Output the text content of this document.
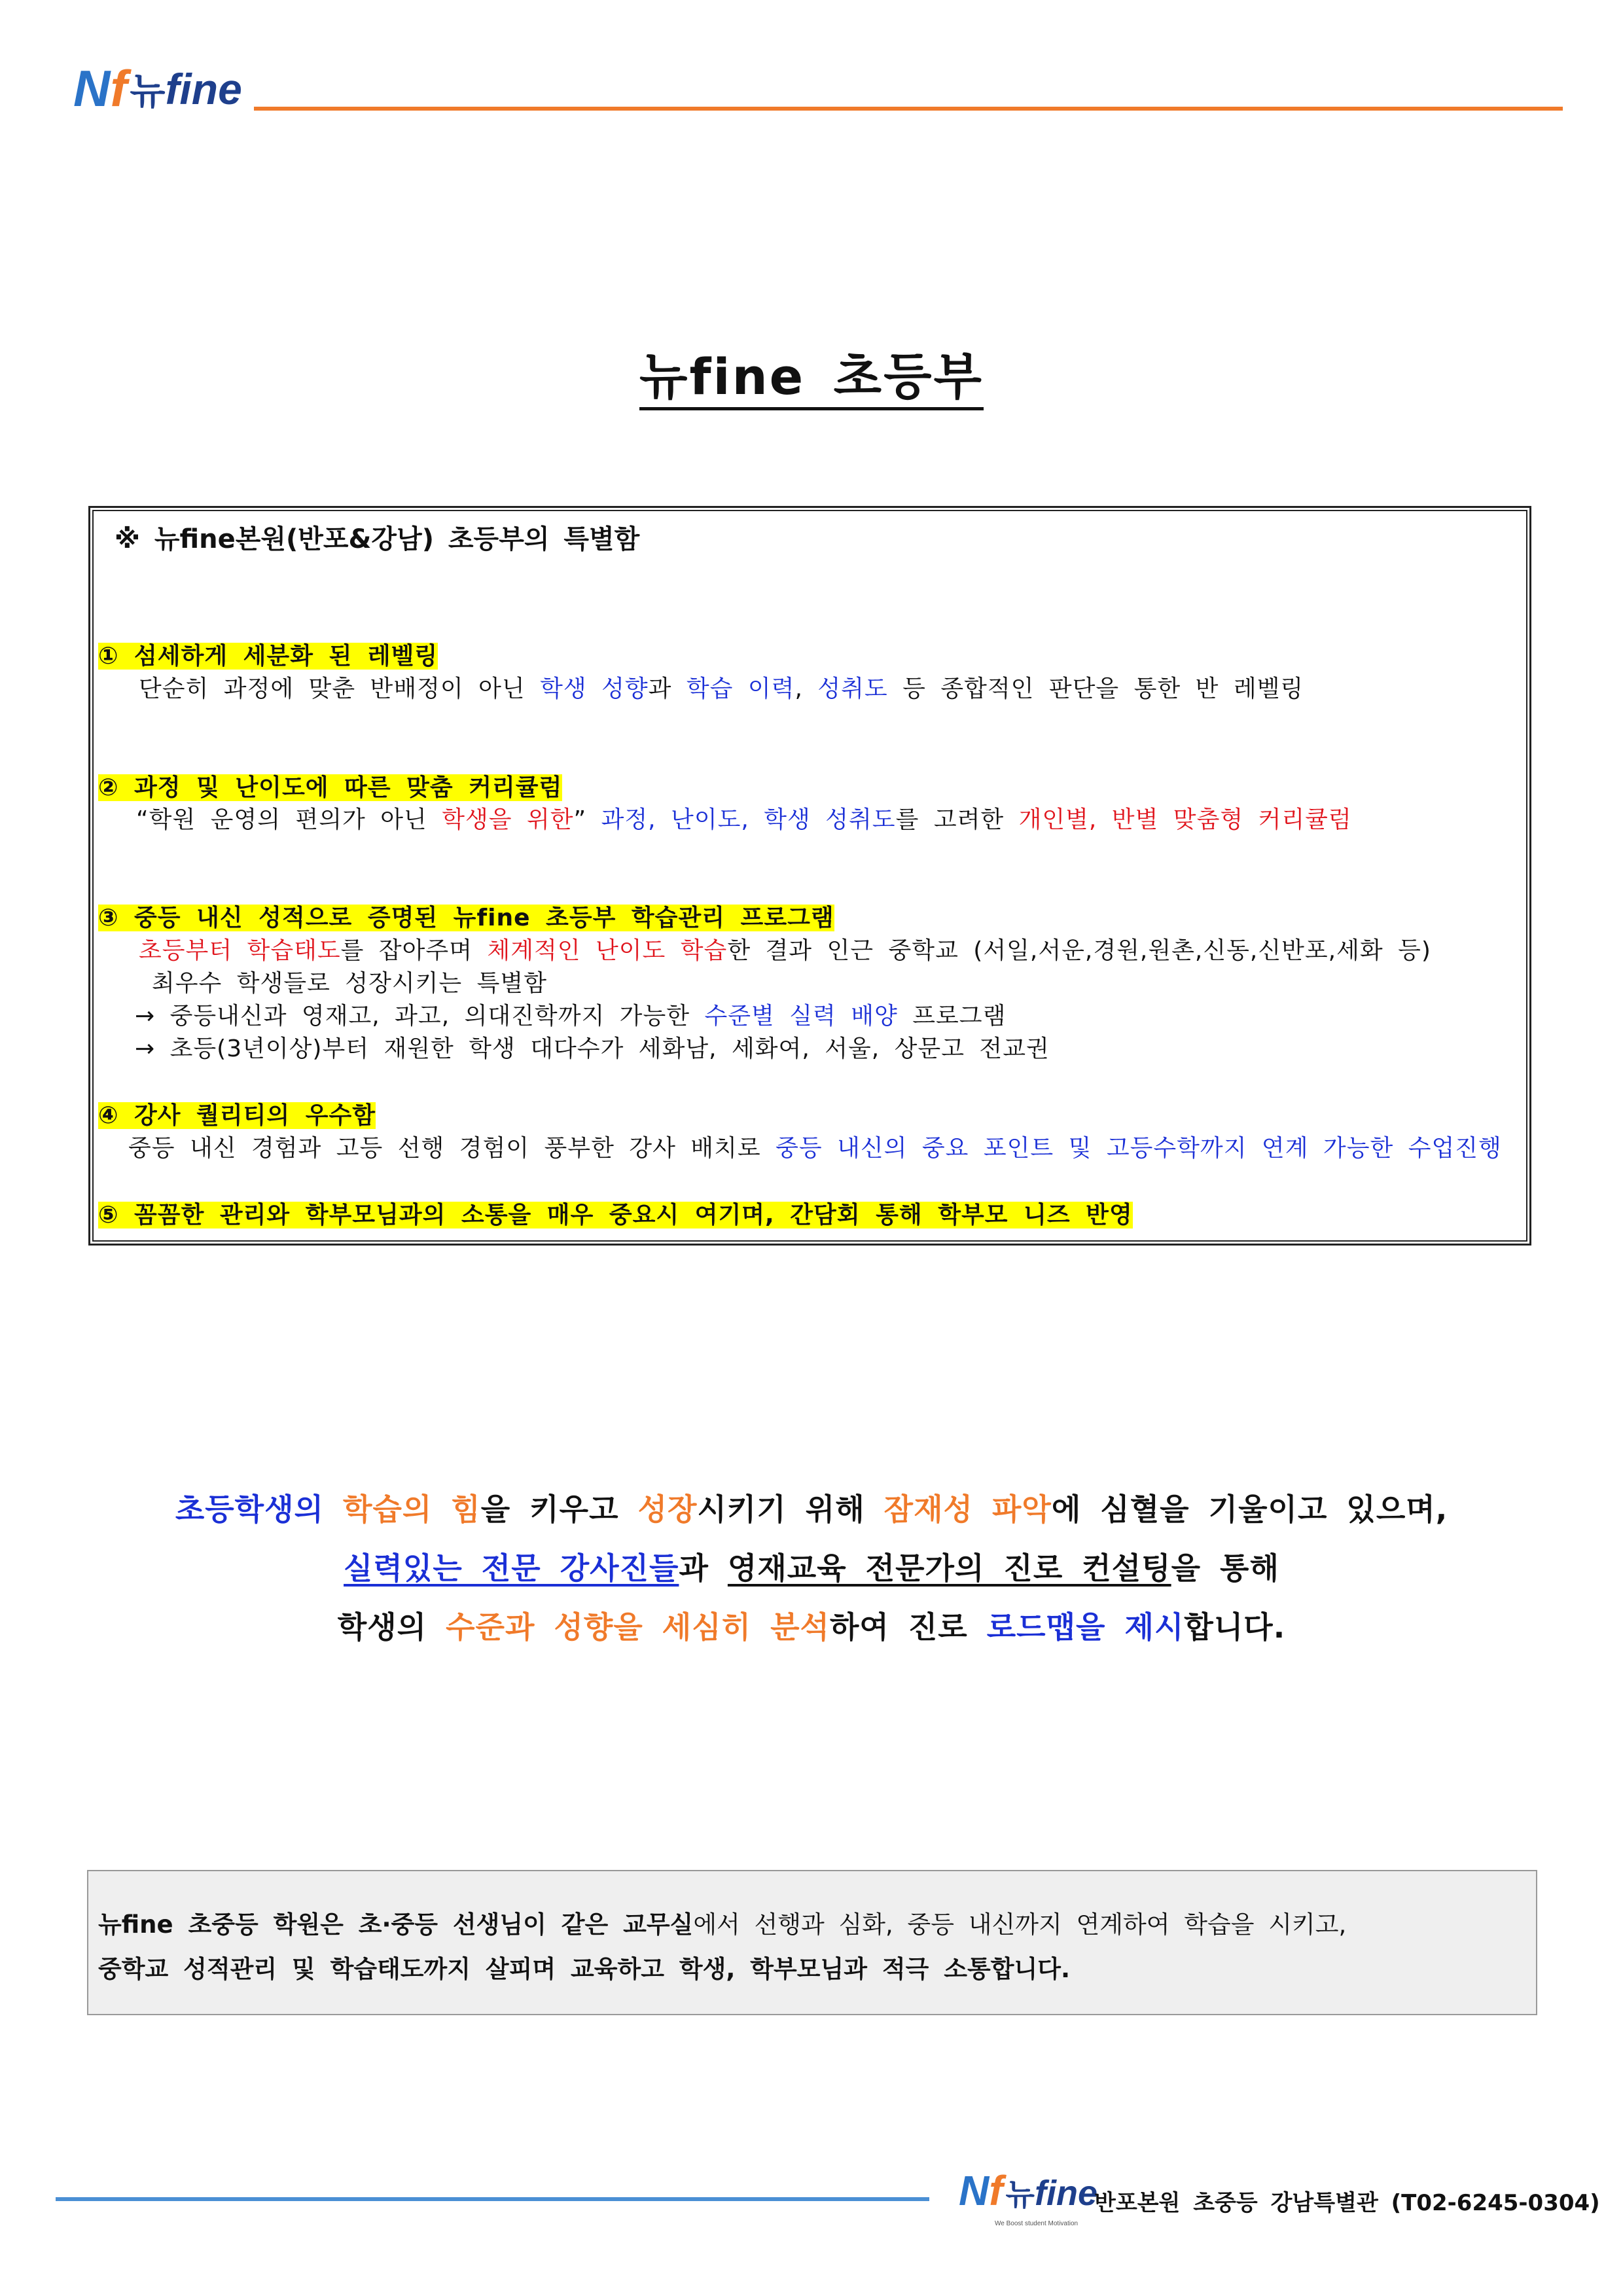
Nf 뉴 fine
뉴fine 초등부
※ 뉴fine본원(반포&강남) 초등부의 특별함
① 섬세하게 세분화 된 레벨링
단순히 과정에 맞춘 반배정이 아닌 학생 성향과 학습 이력, 성취도 등 종합적인 판단을 통한 반 레벨링
② 과정 및 난이도에 따른 맞춤 커리큘럼
“학원 운영의 편의가 아닌 학생을 위한” 과정, 난이도, 학생 성취도를 고려한 개인별, 반별 맞춤형 커리큘럼
③ 중등 내신 성적으로 증명된 뉴fine 초등부 학습관리 프로그램
초등부터 학습태도를 잡아주며 체계적인 난이도 학습한 결과 인근 중학교 (서일,서운,경원,원촌,신동,신반포,세화 등)
최우수 학생들로 성장시키는 특별함
→ 중등내신과 영재고, 과고, 의대진학까지 가능한 수준별 실력 배양 프로그램
→ 초등(3년이상)부터 재원한 학생 대다수가 세화남, 세화여, 서울, 상문고 전교권
④ 강사 퀄리티의 우수함
중등 내신 경험과 고등 선행 경험이 풍부한 강사 배치로 중등 내신의 중요 포인트 및 고등수학까지 연계 가능한 수업진행
⑤ 꼼꼼한 관리와 학부모님과의 소통을 매우 중요시 여기며, 간담회 통해 학부모 니즈 반영
초등학생의 학습의 힘을 키우고 성장시키기 위해 잠재성 파악에 심혈을 기울이고 있으며,
실력있는 전문 강사진들과 영재교육 전문가의 진로 컨설팅을 통해
학생의 수준과 성향을 세심히 분석하여 진로 로드맵을 제시합니다.
뉴fine 초중등 학원은 초·중등 선생님이 같은 교무실에서 선행과 심화, 중등 내신까지 연계하여 학습을 시키고,
중학교 성적관리 및 학습태도까지 살피며 교육하고 학생, 학부모님과 적극 소통합니다.
Nf뉴fine
We Boost student Motivation
반포본원 초중등 강남특별관 (T02-6245-0304)
